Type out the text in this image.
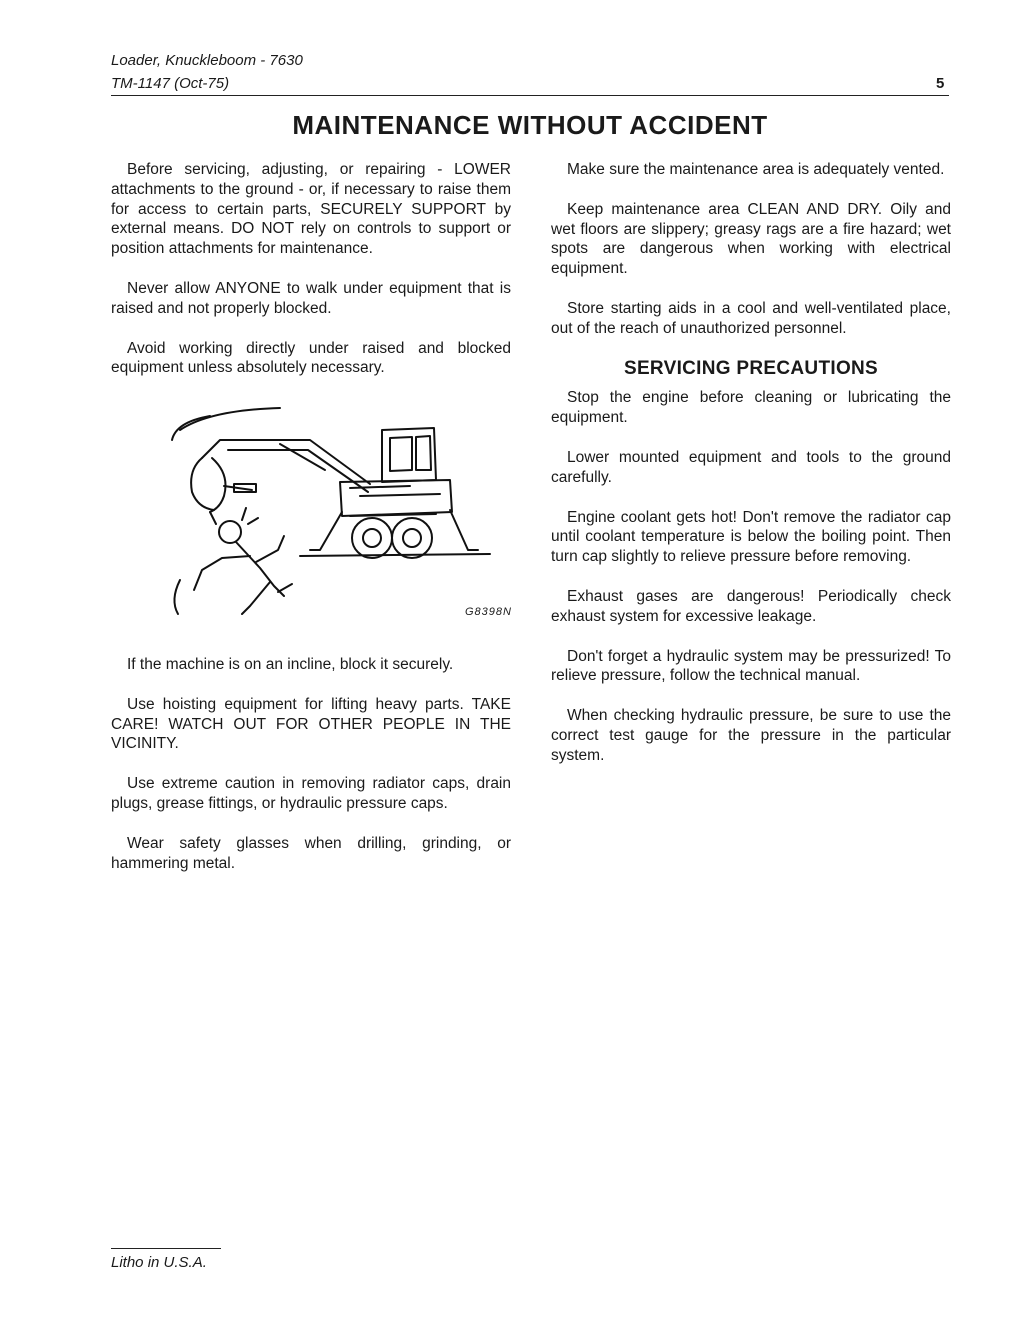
Loader, Knuckleboom - 7630
TM-1147 (Oct-75)	5
MAINTENANCE WITHOUT ACCIDENT

Before servicing, adjusting, or repairing - LOWER attachments to the ground - or, if necessary to raise them for access to certain parts, SECURELY SUPPORT by external means. DO NOT rely on controls to support or position attachments for maintenance.

Never allow ANYONE to walk under equipment that is raised and not properly blocked.

Avoid working directly under raised and blocked equipment unless absolutely necessary.

G8398N

If the machine is on an incline, block it securely.

Use hoisting equipment for lifting heavy parts. TAKE CARE! WATCH OUT FOR OTHER PEOPLE IN THE VICINITY.

Use extreme caution in removing radiator caps, drain plugs, grease fittings, or hydraulic pressure caps.

Wear safety glasses when drilling, grinding, or hammering metal.

Make sure the maintenance area is adequately vented.

Keep maintenance area CLEAN AND DRY. Oily and wet floors are slippery; greasy rags are a fire hazard; wet spots are dangerous when working with electrical equipment.

Store starting aids in a cool and well-ventilated place, out of the reach of unauthorized personnel.

SERVICING PRECAUTIONS

Stop the engine before cleaning or lubricating the equipment.

Lower mounted equipment and tools to the ground carefully.

Engine coolant gets hot! Don't remove the radiator cap until coolant temperature is below the boiling point. Then turn cap slightly to relieve pressure before removing.

Exhaust gases are dangerous! Periodically check exhaust system for excessive leakage.

Don't forget a hydraulic system may be pressurized! To relieve pressure, follow the technical manual.

When checking hydraulic pressure, be sure to use the correct test gauge for the pressure in the particular system.

Litho in U.S.A.
